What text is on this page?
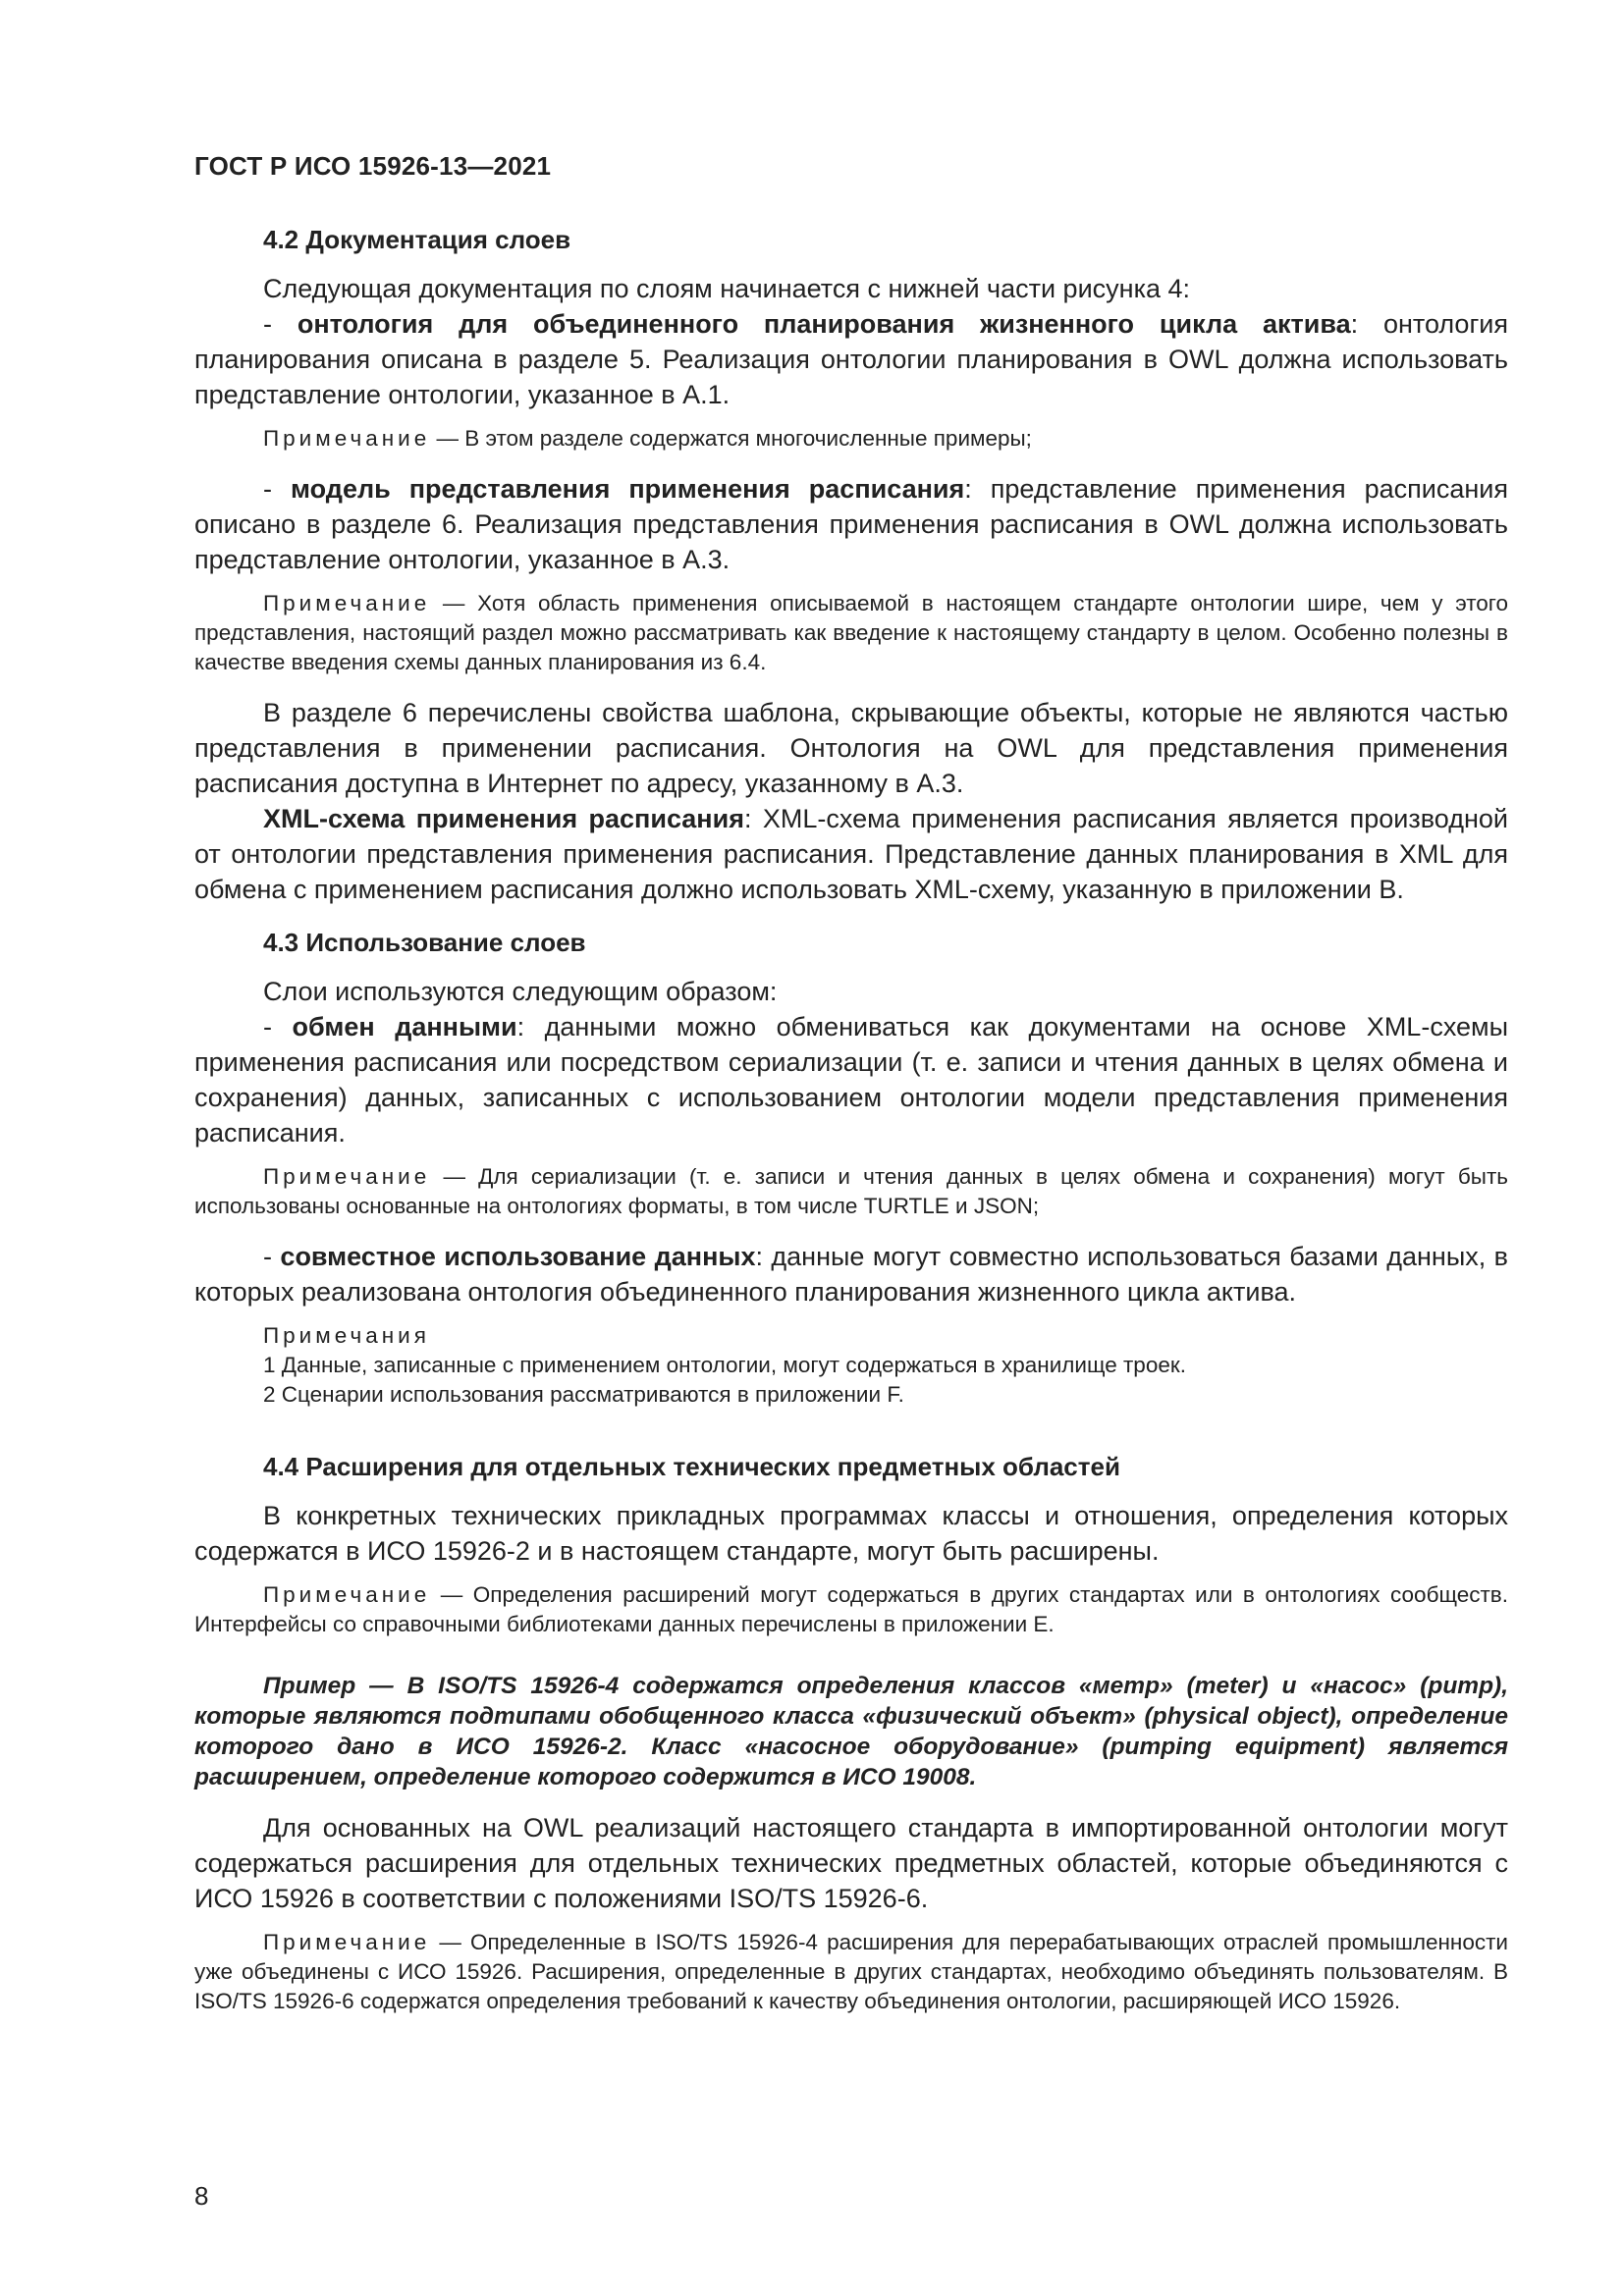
ГОСТ Р ИСО 15926-13—2021
4.2 Документация слоев

Следующая документация по слоям начинается с нижней части рисунка 4:

- онтология для объединенного планирования жизненного цикла актива: онтология планирования описана в разделе 5. Реализация онтологии планирования в OWL должна использовать представление онтологии, указанное в А.1.

Примечание — В этом разделе содержатся многочисленные примеры;

- модель представления применения расписания: представление применения расписания описано в разделе 6. Реализация представления применения расписания в OWL должна использовать представление онтологии, указанное в А.3.

Примечание — Хотя область применения описываемой в настоящем стандарте онтологии шире, чем у этого представления, настоящий раздел можно рассматривать как введение к настоящему стандарту в целом. Особенно полезны в качестве введения схемы данных планирования из 6.4.

В разделе 6 перечислены свойства шаблона, скрывающие объекты, которые не являются частью представления в применении расписания. Онтология на OWL для представления применения расписания доступна в Интернет по адресу, указанному в А.3.

XML-схема применения расписания: XML-схема применения расписания является производной от онтологии представления применения расписания. Представление данных планирования в XML для обмена с применением расписания должно использовать XML-схему, указанную в приложении В.

4.3 Использование слоев

Слои используются следующим образом:

- обмен данными: данными можно обмениваться как документами на основе XML-схемы применения расписания или посредством сериализации (т. е. записи и чтения данных в целях обмена и сохранения) данных, записанных с использованием онтологии модели представления применения расписания.

Примечание — Для сериализации (т. е. записи и чтения данных в целях обмена и сохранения) могут быть использованы основанные на онтологиях форматы, в том числе TURTLE и JSON;

- совместное использование данных: данные могут совместно использоваться базами данных, в которых реализована онтология объединенного планирования жизненного цикла актива.

Примечания

1 Данные, записанные с применением онтологии, могут содержаться в хранилище троек.

2 Сценарии использования рассматриваются в приложении F.

4.4 Расширения для отдельных технических предметных областей

В конкретных технических прикладных программах классы и отношения, определения которых содержатся в ИСО 15926-2 и в настоящем стандарте, могут быть расширены.

Примечание — Определения расширений могут содержаться в других стандартах или в онтологиях сообществ. Интерфейсы со справочными библиотеками данных перечислены в приложении Е.

Пример — В ISO/TS 15926-4 содержатся определения классов «метр» (meter) и «насос» (pump), которые являются подтипами обобщенного класса «физический объект» (physical object), определение которого дано в ИСО 15926-2. Класс «насосное оборудование» (pumping equipment) является расширением, определение которого содержится в ИСО 19008.

Для основанных на OWL реализаций настоящего стандарта в импортированной онтологии могут содержаться расширения для отдельных технических предметных областей, которые объединяются с ИСО 15926 в соответствии с положениями ISO/TS 15926-6.

Примечание — Определенные в ISO/TS 15926-4 расширения для перерабатывающих отраслей промышленности уже объединены с ИСО 15926. Расширения, определенные в других стандартах, необходимо объединять пользователям. В ISO/TS 15926-6 содержатся определения требований к качеству объединения онтологии, расширяющей ИСО 15926.

8
